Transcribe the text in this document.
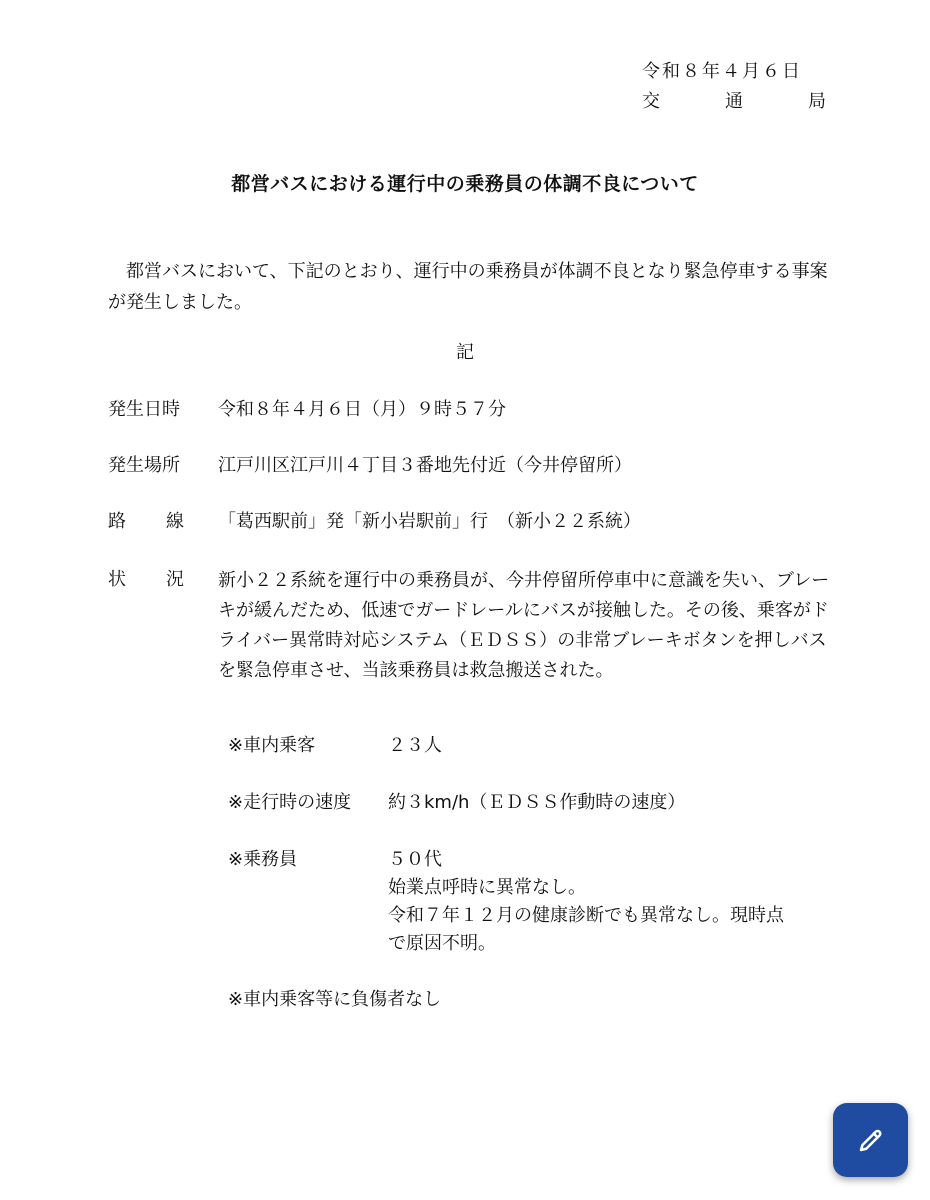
令和８年４月６日
交	通	局
都営バスにおける運行中の乗務員の体調不良について
都営バスにおいて、下記のとおり、運行中の乗務員が体調不良となり緊急停車する事案が発生しました。
記
発生日時 令和８年４月６日（月）９時５７分
発生場所 江戸川区江戸川４丁目３番地先付近（今井停留所）
路 線 「葛西駅前」発「新小岩駅前」行　（新小２２系統）
状 況 新小２２系統を運行中の乗務員が、今井停留所停車中に意識を失い、ブレーキが緩んだため、低速でガードレールにバスが接触した。その後、乗客がドライバー異常時対応システム（ＥＤＳＳ）の非常ブレーキボタンを押しバスを緊急停車させ、当該乗務員は救急搬送された。
※車内乗客	２３人
※走行時の速度 約３km/h（ＥＤＳＳ作動時の速度）
※乗務員	５０代
始業点呼時に異常なし。
令和７年１２月の健康診断でも異常なし。現時点
で原因不明。
※車内乗客等に負傷者なし
